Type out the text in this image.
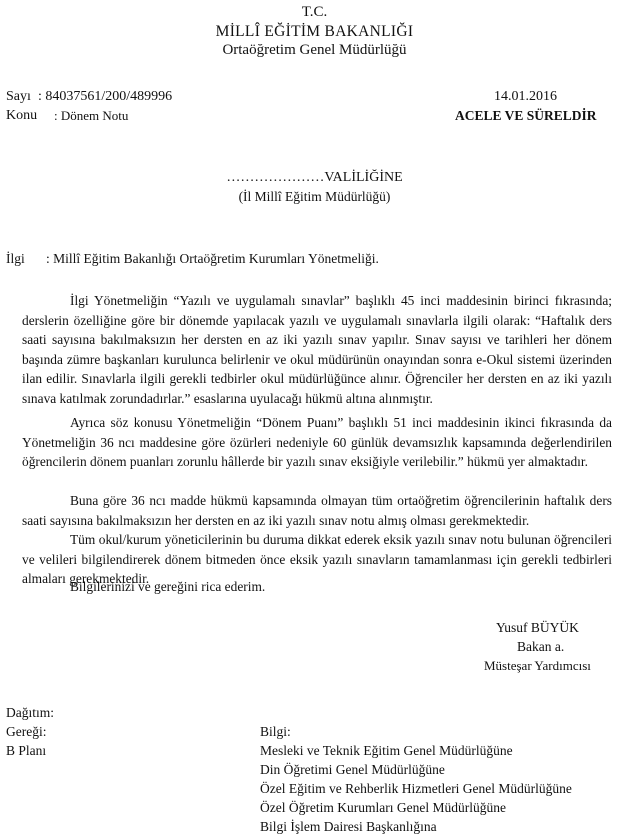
T.C.
MİLLÎ EĞİTİM BAKANLIĞI
Ortaöğretim Genel Müdürlüğü
Sayı : 84037561/200/489996	14.01.2016
Konu : Dönem Notu	ACELE VE SÜRELDİR
…………………VALİLİĞİNE
(İl Millî Eğitim Müdürlüğü)
İlgi : Millî Eğitim Bakanlığı Ortaöğretim Kurumları Yönetmeliği.
İlgi Yönetmeliğin “Yazılı ve uygulamalı sınavlar” başlıklı 45 inci maddesinin birinci fıkrasında; derslerin özelliğine göre bir dönemde yapılacak yazılı ve uygulamalı sınavlarla ilgili olarak: “Haftalık ders saati sayısına bakılmaksızın her dersten en az iki yazılı sınav yapılır. Sınav sayısı ve tarihleri her dönem başında zümre başkanları kurulunca belirlenir ve okul müdürünün onayından sonra e-Okul sistemi üzerinden ilan edilir. Sınavlarla ilgili gerekli tedbirler okul müdürlüğünce alınır. Öğrenciler her dersten en az iki yazılı sınava katılmak zorundadırlar.” esaslarına uyulacağı hükmü altına alınmıştır.
Ayrıca söz konusu Yönetmeliğin “Dönem Puanı” başlıklı 51 inci maddesinin ikinci fıkrasında da Yönetmeliğin 36 ncı maddesine göre özürleri nedeniyle 60 günlük devamsızlık kapsamında değerlendirilen öğrencilerin dönem puanları zorunlu hâllerde bir yazılı sınav eksiğiyle verilebilir.” hükmü yer almaktadır.
Buna göre 36 ncı madde hükmü kapsamında olmayan tüm ortaöğretim öğrencilerinin haftalık ders saati sayısına bakılmaksızın her dersten en az iki yazılı sınav notu almış olması gerekmektedir.
Tüm okul/kurum yöneticilerinin bu duruma dikkat ederek eksik yazılı sınav notu bulunan öğrencileri ve velileri bilgilendirerek dönem bitmeden önce eksik yazılı sınavların tamamlanması için gerekli tedbirleri almaları gerekmektedir.
Bilgilerinizi ve gereğini rica ederim.
Yusuf BÜYÜK
Bakan a.
Müsteşar Yardımcısı
Dağıtım:
Gereği:
B Planı
Bilgi:
Mesleki ve Teknik Eğitim Genel Müdürlüğüne
Din Öğretimi Genel Müdürlüğüne
Özel Eğitim ve Rehberlik Hizmetleri Genel Müdürlüğüne
Özel Öğretim Kurumları Genel Müdürlüğüne
Bilgi İşlem Dairesi Başkanlığına
